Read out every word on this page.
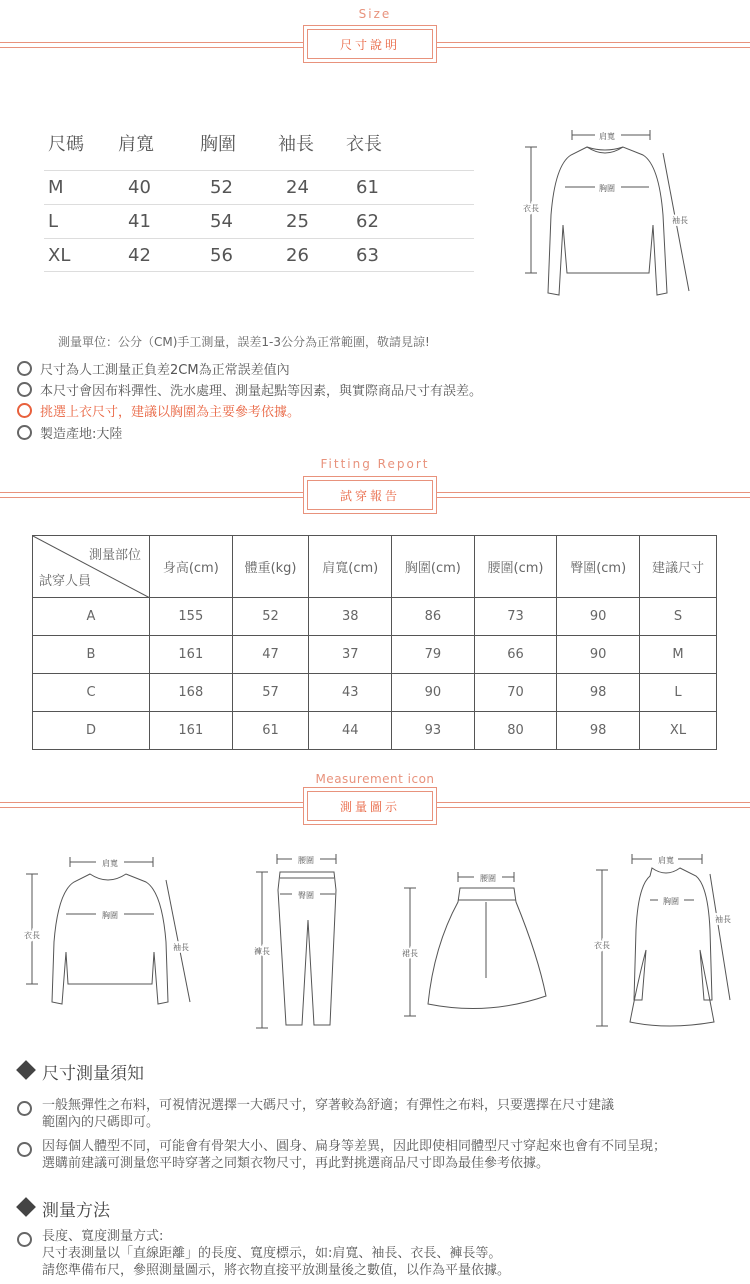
Size
尺寸說明
尺碼 肩寬	胸圍 袖長 衣長
M	40	52	24	61
L	41	54	25	62
XL	42	56	26	63
肩寬
胸圍
衣長
袖長
測量單位：公分（CM)手工測量，誤差1-3公分為正常範圍，敬請見諒!
尺寸為人工測量正負差2CM為正常誤差值內
本尺寸會因布料彈性、洗水處理、測量起點等因素，與實際商品尺寸有誤差。
挑選上衣尺寸，建議以胸圍為主要參考依據。
製造產地:大陸
Fitting Report
試穿報告
測量部位
試穿人員	身高(cm)	體重(kg)	肩寬(cm)	胸圍(cm)	腰圍(cm)	臀圍(cm)	建議尺寸
A	155	52	38	86	73	90	S
B	161	47	37	79	66	90	M
C	168	57	43	90	70	98	L
D	161	61	44	93	80	98	XL
Measurement icon
測量圖示
肩寬
胸圍
衣長
袖長
腰圍
臀圍
褲長
腰圍
裙長
肩寬
胸圍
衣長
袖長
尺寸測量須知
一般無彈性之布料，可視情況選擇一大碼尺寸，穿著較為舒適；有彈性之布料，只要選擇在尺寸建議
範圍內的尺碼即可。
因每個人體型不同，可能會有骨架大小、圓身、扁身等差異，因此即使相同體型尺寸穿起來也會有不同呈現；
選購前建議可測量您平時穿著之同類衣物尺寸，再此對挑選商品尺寸即為最佳參考依據。
測量方法
長度、寬度測量方式:
尺寸表測量以「直線距離」的長度、寬度標示，如:肩寬、袖長、衣長、褲長等。
請您準備布尺，參照測量圖示，將衣物直接平放測量後之數值，以作為平量依據。
